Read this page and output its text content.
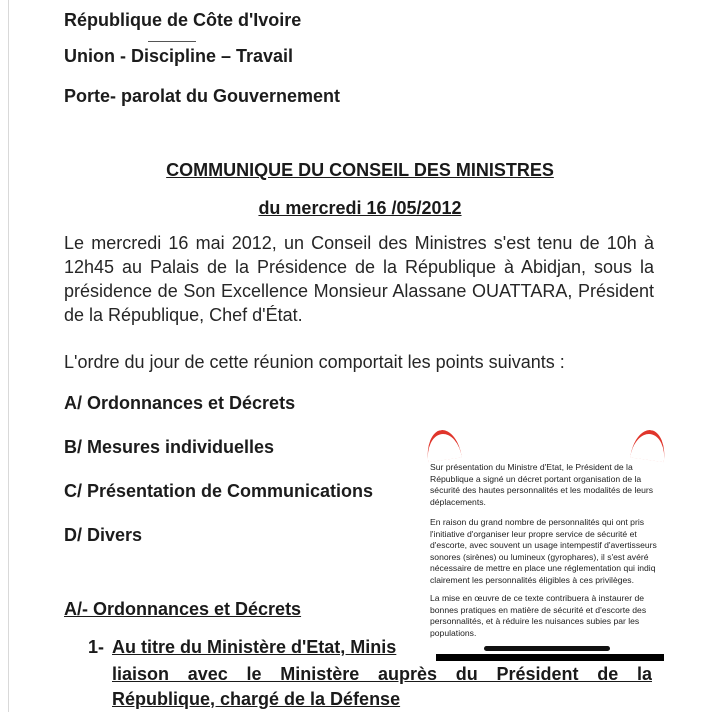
République de Côte d'Ivoire
Union - Discipline – Travail
Porte- parolat du Gouvernement
COMMUNIQUE DU CONSEIL DES MINISTRES
du mercredi 16 /05/2012

Le mercredi 16 mai 2012, un Conseil des Ministres s'est tenu de 10h à 12h45 au Palais de la Présidence de la République à Abidjan, sous la présidence de Son Excellence Monsieur Alassane OUATTARA, Président de la République, Chef d'État.

L'ordre du jour de cette réunion comportait les points suivants :

A/ Ordonnances et Décrets
B/ Mesures individuelles
C/ Présentation de Communications
D/ Divers
A/- Ordonnances et Décrets
1- Au titre du Ministère d'Etat, Minis
liaison avec le Ministère auprès du Président de la
République, chargé de la Défense

Sur présentation du Ministre d'Etat, le Président de la République a signé un décret portant organisation de la sécurité des hautes personnalités et les modalités de leurs déplacements.

En raison du grand nombre de personnalités qui ont pris l'initiative d'organiser leur propre service de sécurité et d'escorte, avec souvent un usage intempestif d'avertisseurs sonores (sirènes) ou lumineux (gyrophares), il s'est avéré nécessaire de mettre en place une réglementation qui indiq clairement les personnalités éligibles à ces privilèges.

La mise en œuvre de ce texte contribuera à instaurer de bonnes pratiques en matière de sécurité et d'escorte des personnalités, et à réduire les nuisances subies par les populations.
